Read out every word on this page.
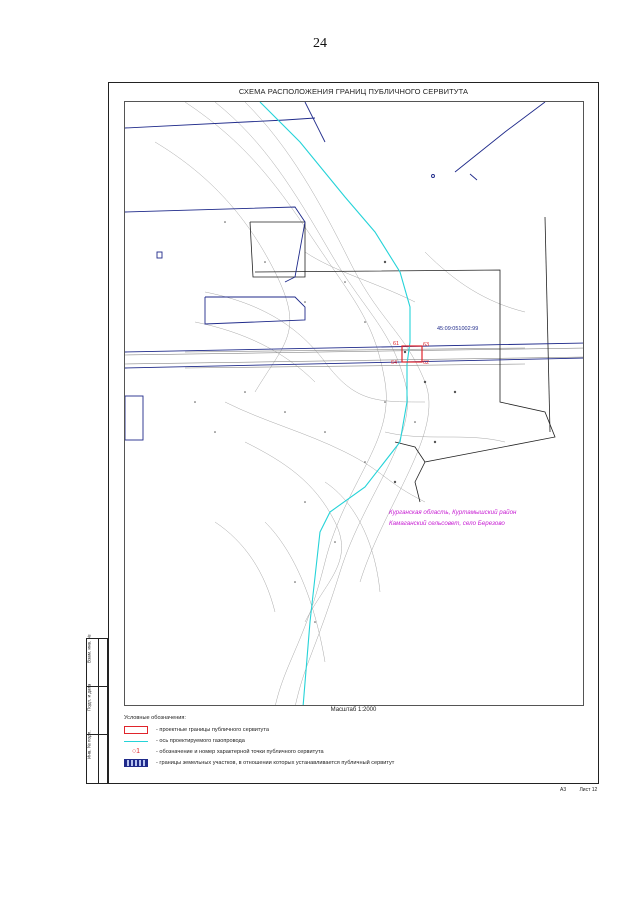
24
Взам. инв. №
Подп. и дата
Инв. № подл.
СХЕМА РАСПОЛОЖЕНИЯ ГРАНИЦ ПУБЛИЧНОГО СЕРВИТУТА
45:09:051002:99
61
62
63
64
Курганская область, Куртамышский район
Камаганский сельсовет, село Березово
Масштаб 1:2000
Условные обозначения:
- проектные границы публичного сервитута
- ось проектируемого газопровода
○1	- обозначение и номер характерной точки публичного сервитута
- границы земельных участков, в отношении которых устанавливается публичный сервитут
А3	Лист 12
